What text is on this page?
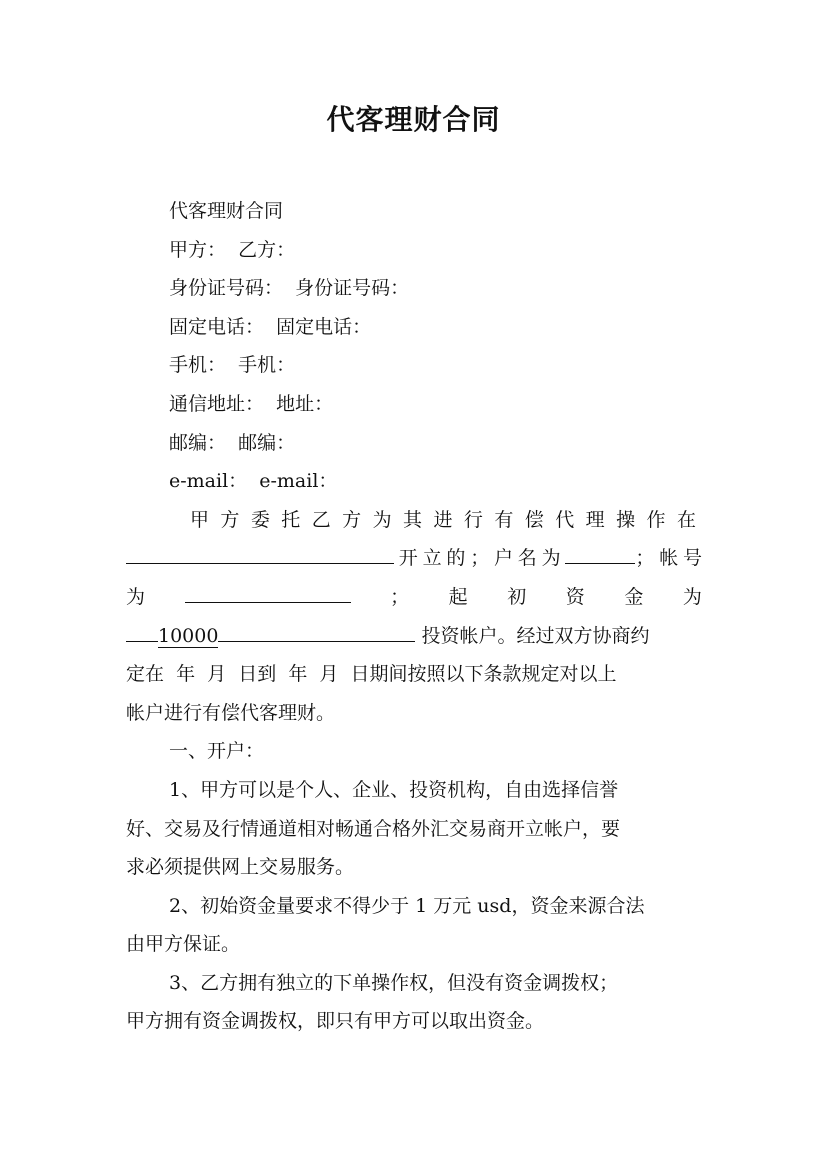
代客理财合同
代客理财合同
甲方：  乙方：
身份证号码：  身份证号码：
固定电话：  固定电话：
手机：  手机：
通信地址：  地址：
邮编：  邮编：
e-mail：  e-mail：
甲方委托乙方为其进行有偿代理操作在
开立的；户名为	；帐号
为	； 起 初 资 金 为
10000	投资帐户。经过双方协商约
定在  年  月  日到  年  月  日期间按照以下条款规定对以上
帐户进行有偿代客理财。
一、开户：
1、甲方可以是个人、企业、投资机构，自由选择信誉
好、交易及行情通道相对畅通合格外汇交易商开立帐户，要
求必须提供网上交易服务。
2、初始资金量要求不得少于 1 万元 usd，资金来源合法
由甲方保证。
3、乙方拥有独立的下单操作权，但没有资金调拨权；
甲方拥有资金调拨权，即只有甲方可以取出资金。
